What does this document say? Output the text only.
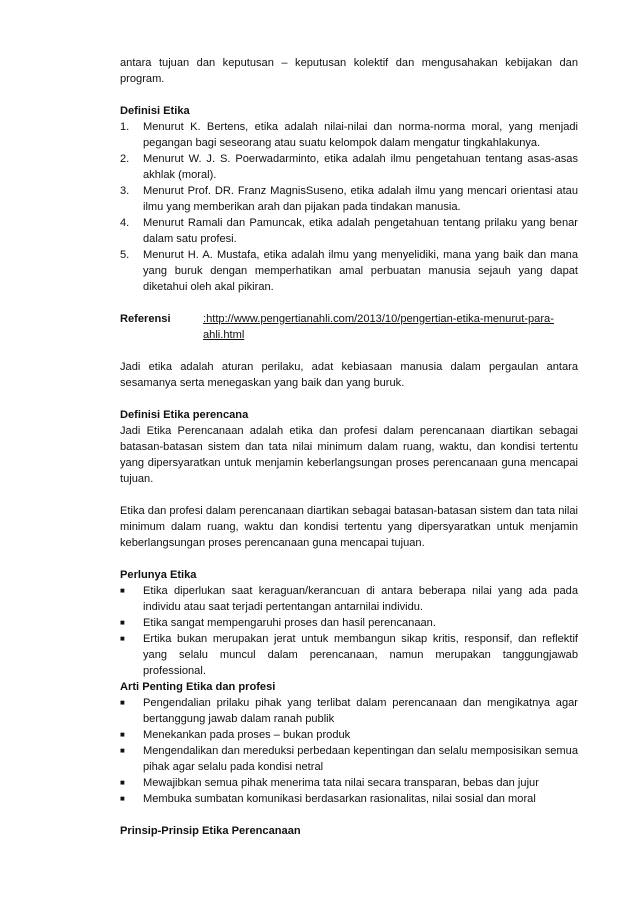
antara tujuan dan keputusan – keputusan kolektif dan mengusahakan kebijakan dan program.

Definisi Etika
1. Menurut K. Bertens, etika adalah nilai-nilai dan norma-norma moral, yang menjadi pegangan bagi seseorang atau suatu kelompok dalam mengatur tingkahlakunya.
2. Menurut W. J. S. Poerwadarminto, etika adalah ilmu pengetahuan tentang asas-asas akhlak (moral).
3. Menurut Prof. DR. Franz MagnisSuseno, etika adalah ilmu yang mencari orientasi atau ilmu yang memberikan arah dan pijakan pada tindakan manusia.
4. Menurut Ramali dan Pamuncak, etika adalah pengetahuan tentang prilaku yang benar dalam satu profesi.
5. Menurut H. A. Mustafa, etika adalah ilmu yang menyelidiki, mana yang baik dan mana yang buruk dengan memperhatikan amal perbuatan manusia sejauh yang dapat diketahui oleh akal pikiran.
Referensi	:http://www.pengertianahli.com/2013/10/pengertian-etika-menurut-para-
ahli.html

Jadi etika adalah aturan perilaku, adat kebiasaan manusia dalam pergaulan antara sesamanya serta menegaskan yang baik dan yang buruk.

Definisi Etika perencana

Jadi Etika Perencanaan adalah etika dan profesi dalam perencanaan diartikan sebagai batasan-batasan sistem dan tata nilai minimum dalam ruang, waktu, dan kondisi tertentu yang dipersyaratkan untuk menjamin keberlangsungan proses perencanaan guna mencapai tujuan.

Etika dan profesi dalam perencanaan diartikan sebagai batasan-batasan sistem dan tata nilai minimum dalam ruang, waktu dan kondisi tertentu yang dipersyaratkan untuk menjamin keberlangsungan proses perencanaan guna mencapai tujuan.

Perlunya Etika
■ Etika diperlukan saat keraguan/kerancuan di antara beberapa nilai yang ada pada individu atau saat terjadi pertentangan antarnilai individu.
■ Etika sangat mempengaruhi proses dan hasil perencanaan.
■ Ertika bukan merupakan jerat untuk membangun sikap kritis, responsif, dan reflektif yang selalu muncul dalam perencanaan, namun merupakan tanggungjawab professional.
Arti Penting Etika dan profesi
■ Pengendalian prilaku pihak yang terlibat dalam perencanaan dan mengikatnya agar bertanggung jawab dalam ranah publik
■ Menekankan pada proses – bukan produk
■ Mengendalikan dan mereduksi perbedaan kepentingan dan selalu memposisikan semua pihak agar selalu pada kondisi netral
■ Mewajibkan semua pihak menerima tata nilai secara transparan, bebas dan jujur
■ Membuka sumbatan komunikasi berdasarkan rasionalitas, nilai sosial dan moral
Prinsip-Prinsip Etika Perencanaan
